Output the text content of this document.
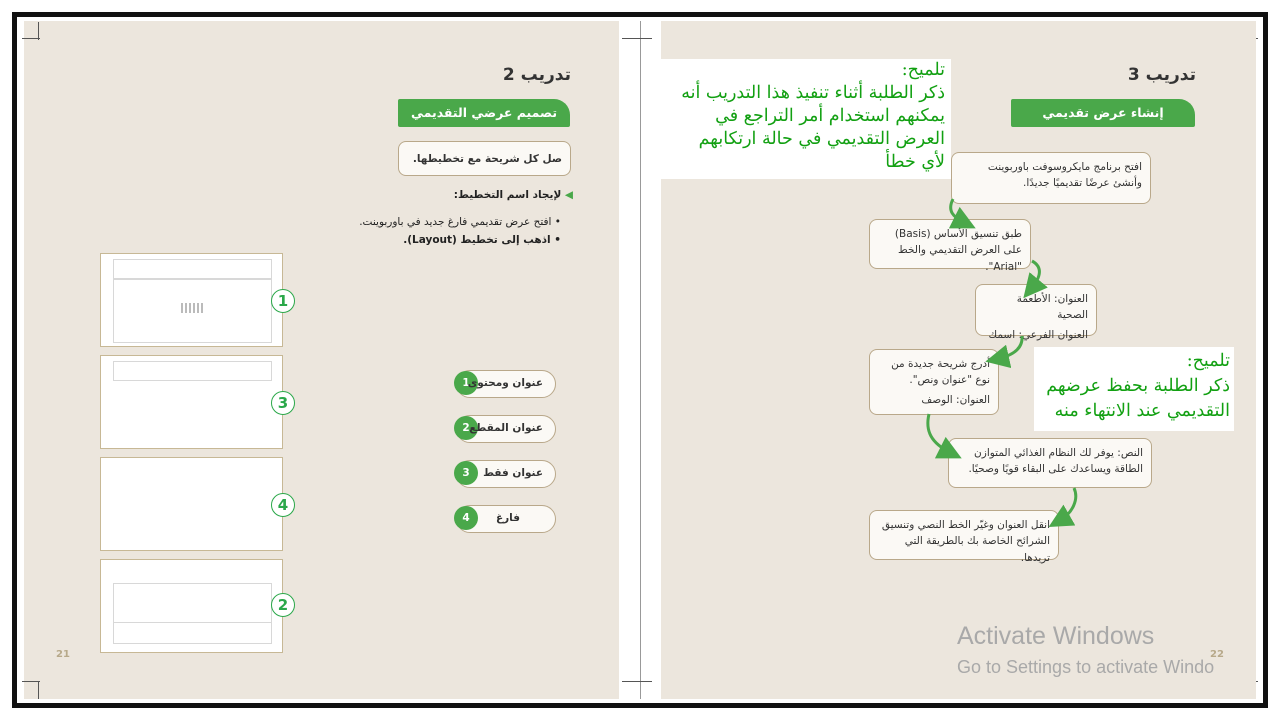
تدريب 2
تصميم عرضي التقديمي
صل كل شريحة مع تخطيطها.
◀ لإيجاد اسم التخطيط:
• افتح عرض تقديمي فارغ جديد في باوربوينت.
• اذهب إلى تخطيط (Layout).
1
3
4
2
1
عنوان ومحتوى
2 عنوان المقطع
3	عنوان فقط
4	فارغ
21
تدريب 3
إنشاء عرض تقديمي
افتح برنامج مايكروسوفت باوربوينت وأنشئ عرضًا تقديميًا جديدًا.
طبق تنسيق الأساس (Basis) على العرض التقديمي والخط "Arial".
العنوان: الأطعمة الصحية
العنوان الفرعي: اسمك
أدرج شريحة جديدة من نوع "عنوان ونص".
العنوان: الوصف
النص: يوفر لك النظام الغذائي المتوازن الطاقة ويساعدك على البقاء قويًا وصحيًا.
انقل العنوان وغيّر الخط النصي وتنسيق الشرائح الخاصة بك بالطريقة التي تريدها.
22
تلميح:
ذكر الطلبة أثناء تنفيذ هذا التدريب أنه
يمكنهم استخدام أمر التراجع في
العرض التقديمي في حالة ارتكابهم
لأي خطأ
تلميح:
ذكر الطلبة بحفظ عرضهم
التقديمي عند الانتهاء منه
Activate Windows
Go to Settings to activate Windo
